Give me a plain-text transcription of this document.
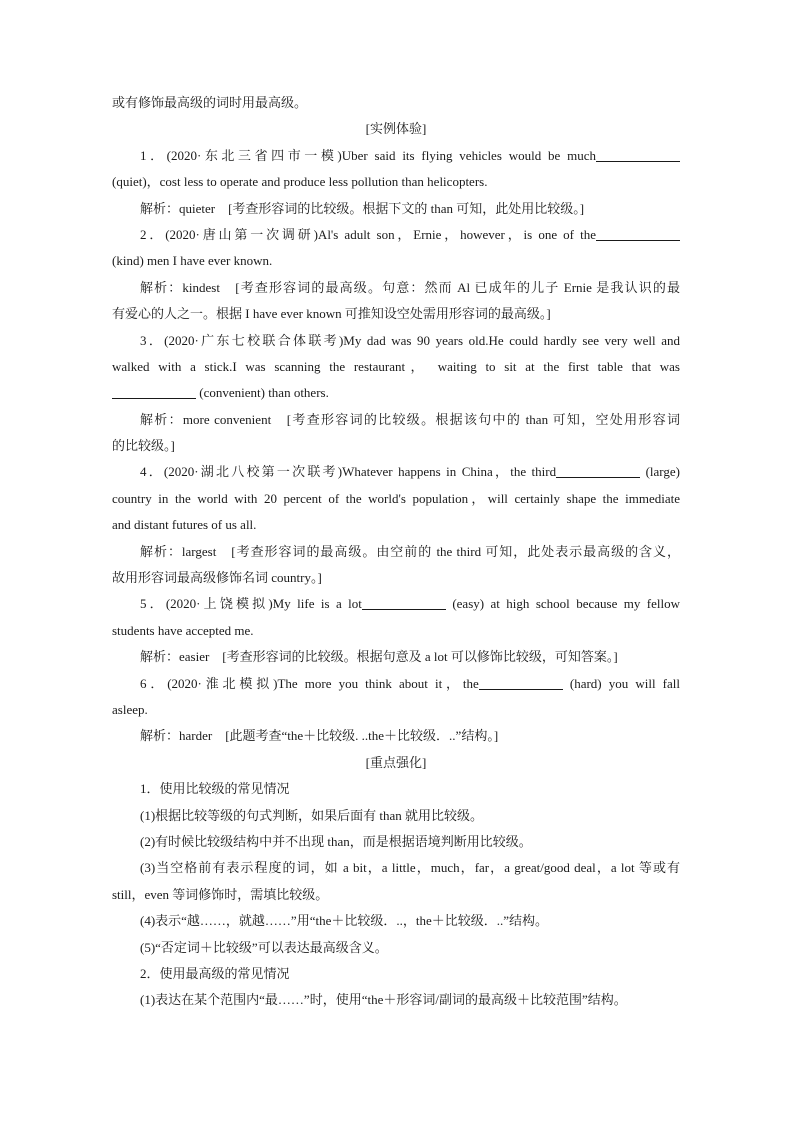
或有修饰最高级的词时用最高级。
[实例体验]
1．(2020·东北三省四市一模)Uber said its flying vehicles would be much
(quiet)，cost less to operate and produce less pollution than helicopters.
解析：quieter　[考查形容词的比较级。根据下文的 than 可知，此处用比较级。]
2．(2020·唐山第一次调研)Al's adult son，Ernie，however，is one of the
(kind) men I have ever known.
解析：kindest　[考查形容词的最高级。句意：然而 Al 已成年的儿子 Ernie 是我认识的最
有爱心的人之一。根据 I have ever known 可推知设空处需用形容词的最高级。]
3．(2020·广东七校联合体联考)My dad was 90 years old.He could hardly see very well and
walked with a stick.I was scanning the restaurant， waiting to sit at the first table that was
(convenient) than others.
解析：more convenient　[考查形容词的比较级。根据该句中的 than 可知，空处用形容词
的比较级。]
4．(2020·湖北八校第一次联考)Whatever happens in China，the third	(large)
country in the world with 20 percent of the world's population，will certainly shape the immediate
and distant futures of us all.
解析：largest　[考查形容词的最高级。由空前的 the third 可知，此处表示最高级的含义，
故用形容词最高级修饰名词 country。]
5．(2020·上饶模拟)My life is a lot	(easy) at high school because my fellow
students have accepted me.
解析：easier　[考查形容词的比较级。根据句意及 a lot 可以修饰比较级，可知答案。]
6．(2020·淮北模拟)The more you think about it，the	(hard) you will fall
asleep.
解析：harder　[此题考查“the＋比较级. ..the＋比较级．..”结构。]
[重点强化]
1．使用比较级的常见情况
(1)根据比较等级的句式判断，如果后面有 than 就用比较级。
(2)有时候比较级结构中并不出现 than，而是根据语境判断用比较级。
(3)当空格前有表示程度的词，如 a bit，a little，much，far，a great/good deal，a lot 等或有
still，even 等词修饰时，需填比较级。
(4)表示“越……，就越……”用“the＋比较级．..，the＋比较级．..”结构。
(5)“否定词＋比较级”可以表达最高级含义。
2．使用最高级的常见情况
(1)表达在某个范围内“最……”时，使用“the＋形容词/副词的最高级＋比较范围”结构。
